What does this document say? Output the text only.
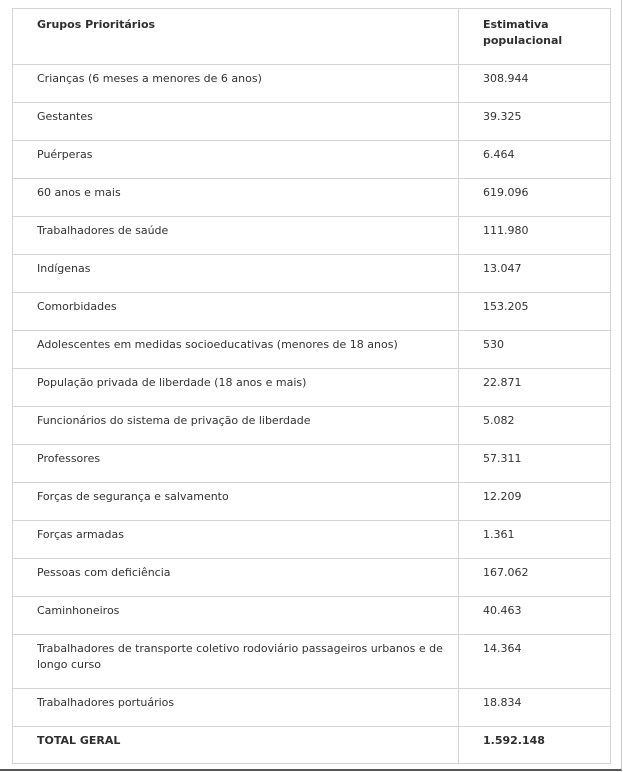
Grupos Prioritários	Estimativa populacional
Crianças (6 meses a menores de 6 anos)	308.944
Gestantes	39.325
Puérperas	6.464
60 anos e mais	619.096
Trabalhadores de saúde	111.980
Indígenas	13.047
Comorbidades	153.205
Adolescentes em medidas socioeducativas (menores de 18 anos)	530
População privada de liberdade (18 anos e mais)	22.871
Funcionários do sistema de privação de liberdade	5.082
Professores	57.311
Forças de segurança e salvamento	12.209
Forças armadas	1.361
Pessoas com deficiência	167.062
Caminhoneiros	40.463
Trabalhadores de transporte coletivo rodoviário passageiros urbanos e de longo curso	14.364
Trabalhadores portuários	18.834
TOTAL GERAL	1.592.148
